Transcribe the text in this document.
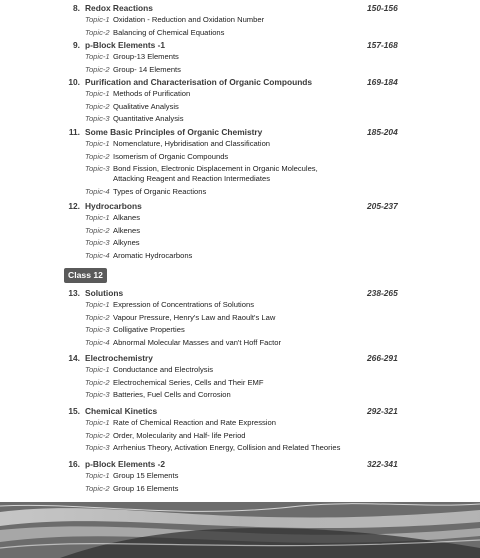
8. Redox Reactions	150-156
Topic-1 Oxidation - Reduction and Oxidation Number
Topic-2 Balancing of Chemical Equations
9. p-Block Elements -1	157-168
Topic-1 Group-13 Elements
Topic-2 Group- 14 Elements
10. Purification and Characterisation of Organic Compounds	169-184
Topic-1 Methods of Purification
Topic-2 Qualitative Analysis
Topic-3 Quantitative Analysis
11. Some Basic Principles of Organic Chemistry	185-204
Topic-1 Nomenclature, Hybridisation and Classification
Topic-2 Isomerism of Organic Compounds
Topic-3 Bond Fission, Electronic Displacement in Organic Molecules,
Attacking Reagent and Reaction Intermediates
Topic-4 Types of Organic Reactions
12. Hydrocarbons	205-237
Topic-1 Alkanes
Topic-2 Alkenes
Topic-3 Alkynes
Topic-4 Aromatic Hydrocarbons
13. Solutions	238-265
Topic-1 Expression of Concentrations of Solutions
Topic-2 Vapour Pressure, Henry's Law and Raoult's Law
Topic-3 Colligative Properties
Topic-4 Abnormal Molecular Masses and van't Hoff Factor
14. Electrochemistry	266-291
Topic-1 Conductance and Electrolysis
Topic-2 Electrochemical Series, Cells and Their EMF
Topic-3 Batteries, Fuel Cells and Corrosion
15. Chemical Kinetics	292-321
Topic-1 Rate of Chemical Reaction and Rate Expression
Topic-2 Order, Molecularity and Half- life Period
Topic-3 Arrhenius Theory, Activation Energy, Collision and Related Theories
16. p-Block Elements -2	322-341
Topic-1 Group 15 Elements
Topic-2 Group 16 Elements
Class 12
